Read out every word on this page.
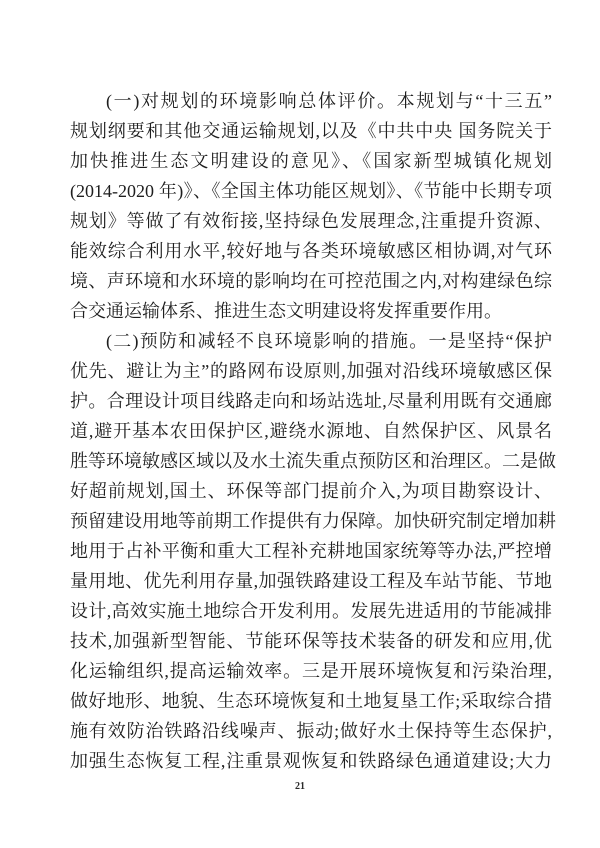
(一)对规划的环境影响总体评价。本规划与“十三五”
规划纲要和其他交通运输规划,以及《中共中央 国务院关于
加快推进生态文明建设的意见》、《国家新型城镇化规划
(2014-2020 年)》、《全国主体功能区规划》、《节能中长期专项
规划》等做了有效衔接,坚持绿色发展理念,注重提升资源、
能效综合利用水平,较好地与各类环境敏感区相协调,对气环
境、声环境和水环境的影响均在可控范围之内,对构建绿色综
合交通运输体系、推进生态文明建设将发挥重要作用。
(二)预防和减轻不良环境影响的措施。一是坚持“保护
优先、避让为主”的路网布设原则,加强对沿线环境敏感区保
护。合理设计项目线路走向和场站选址,尽量利用既有交通廊
道,避开基本农田保护区,避绕水源地、自然保护区、风景名
胜等环境敏感区域以及水土流失重点预防区和治理区。二是做
好超前规划,国土、环保等部门提前介入,为项目勘察设计、
预留建设用地等前期工作提供有力保障。加快研究制定增加耕
地用于占补平衡和重大工程补充耕地国家统筹等办法,严控增
量用地、优先利用存量,加强铁路建设工程及车站节能、节地
设计,高效实施土地综合开发利用。发展先进适用的节能减排
技术,加强新型智能、节能环保等技术装备的研发和应用,优
化运输组织,提高运输效率。三是开展环境恢复和污染治理,
做好地形、地貌、生态环境恢复和土地复垦工作;采取综合措
施有效防治铁路沿线噪声、振动;做好水土保持等生态保护,
加强生态恢复工程,注重景观恢复和铁路绿色通道建设;大力
21
